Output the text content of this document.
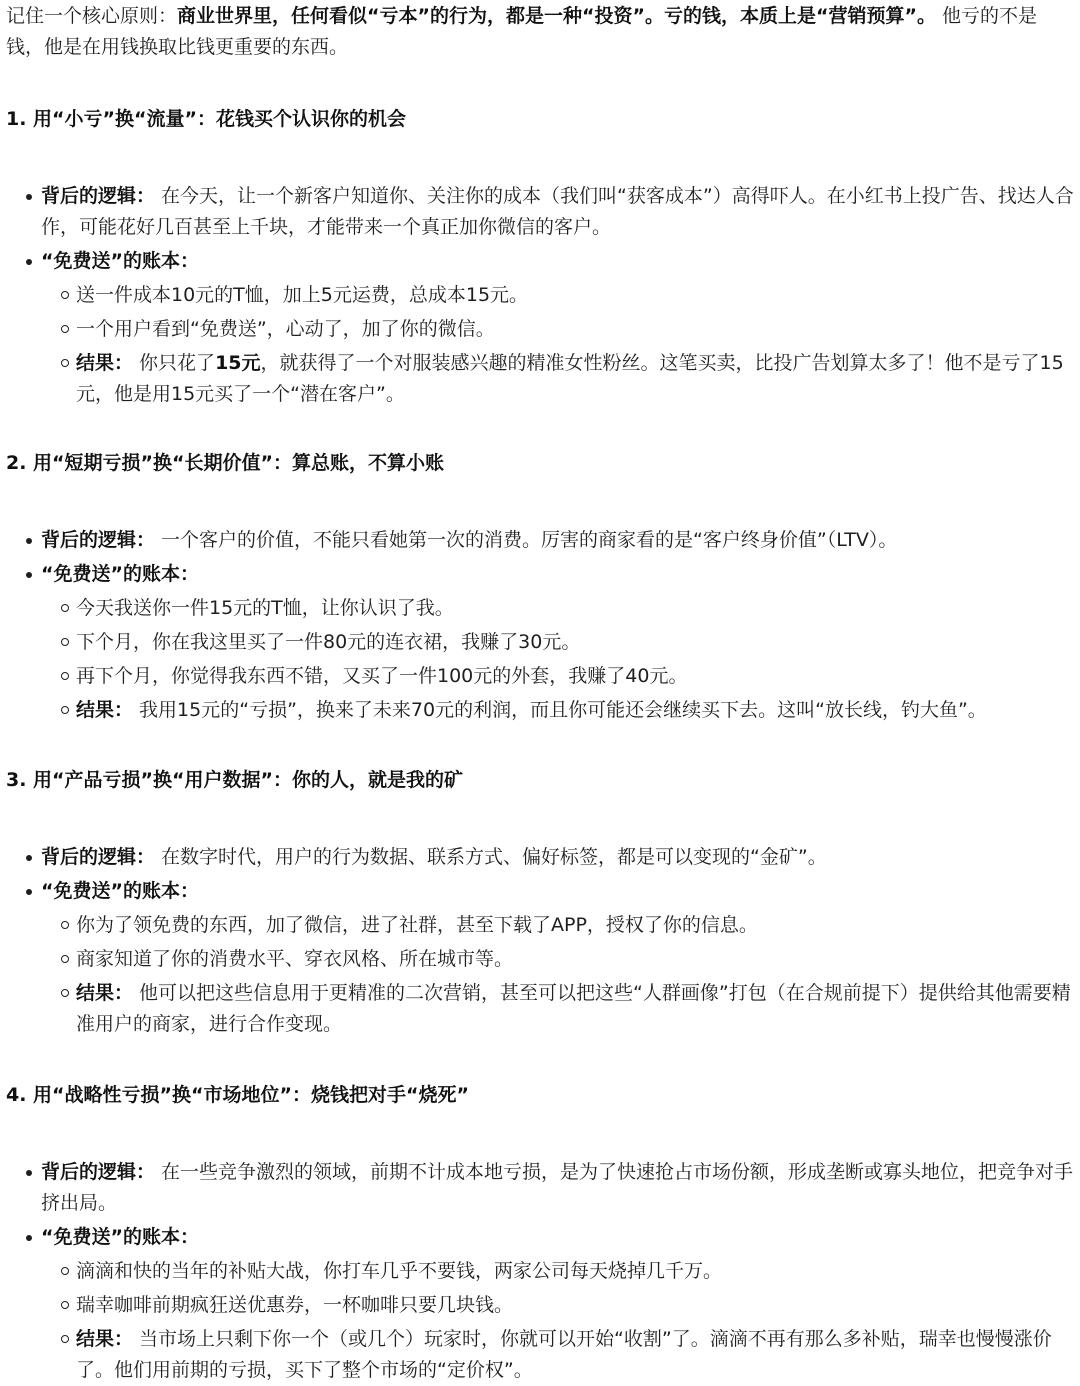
记住一个核心原则：商业世界里，任何看似“亏本”的行为，都是一种“投资”。亏的钱，本质上是“营销预算”。 他亏的不是钱，他是在用钱换取比钱更重要的东西。
1. 用“小亏”换“流量”：花钱买个认识你的机会
背后的逻辑： 在今天，让一个新客户知道你、关注你的成本（我们叫“获客成本”）高得吓人。在小红书上投广告、找达人合作，可能花好几百甚至上千块，才能带来一个真正加你微信的客户。
“免费送”的账本：
送一件成本10元的T恤，加上5元运费，总成本15元。
一个用户看到“免费送”，心动了，加了你的微信。
结果： 你只花了15元，就获得了一个对服装感兴趣的精准女性粉丝。这笔买卖，比投广告划算太多了！他不是亏了15元，他是用15元买了一个“潜在客户”。
2. 用“短期亏损”换“长期价值”：算总账，不算小账
背后的逻辑： 一个客户的价值，不能只看她第一次的消费。厉害的商家看的是“客户终身价值”（LTV）。
“免费送”的账本：
今天我送你一件15元的T恤，让你认识了我。
下个月，你在我这里买了一件80元的连衣裙，我赚了30元。
再下个月，你觉得我东西不错，又买了一件100元的外套，我赚了40元。
结果： 我用15元的“亏损”，换来了未来70元的利润，而且你可能还会继续买下去。这叫“放长线，钓大鱼”。
3. 用“产品亏损”换“用户数据”：你的人，就是我的矿
背后的逻辑： 在数字时代，用户的行为数据、联系方式、偏好标签，都是可以变现的“金矿”。
“免费送”的账本：
你为了领免费的东西，加了微信，进了社群，甚至下载了APP，授权了你的信息。
商家知道了你的消费水平、穿衣风格、所在城市等。
结果： 他可以把这些信息用于更精准的二次营销，甚至可以把这些“人群画像”打包（在合规前提下）提供给其他需要精准用户的商家，进行合作变现。
4. 用“战略性亏损”换“市场地位”：烧钱把对手“烧死”
背后的逻辑： 在一些竞争激烈的领域，前期不计成本地亏损，是为了快速抢占市场份额，形成垄断或寡头地位，把竞争对手挤出局。
“免费送”的账本：
滴滴和快的当年的补贴大战，你打车几乎不要钱，两家公司每天烧掉几千万。
瑞幸咖啡前期疯狂送优惠券，一杯咖啡只要几块钱。
结果： 当市场上只剩下你一个（或几个）玩家时，你就可以开始“收割”了。滴滴不再有那么多补贴，瑞幸也慢慢涨价了。他们用前期的亏损，买下了整个市场的“定价权”。
